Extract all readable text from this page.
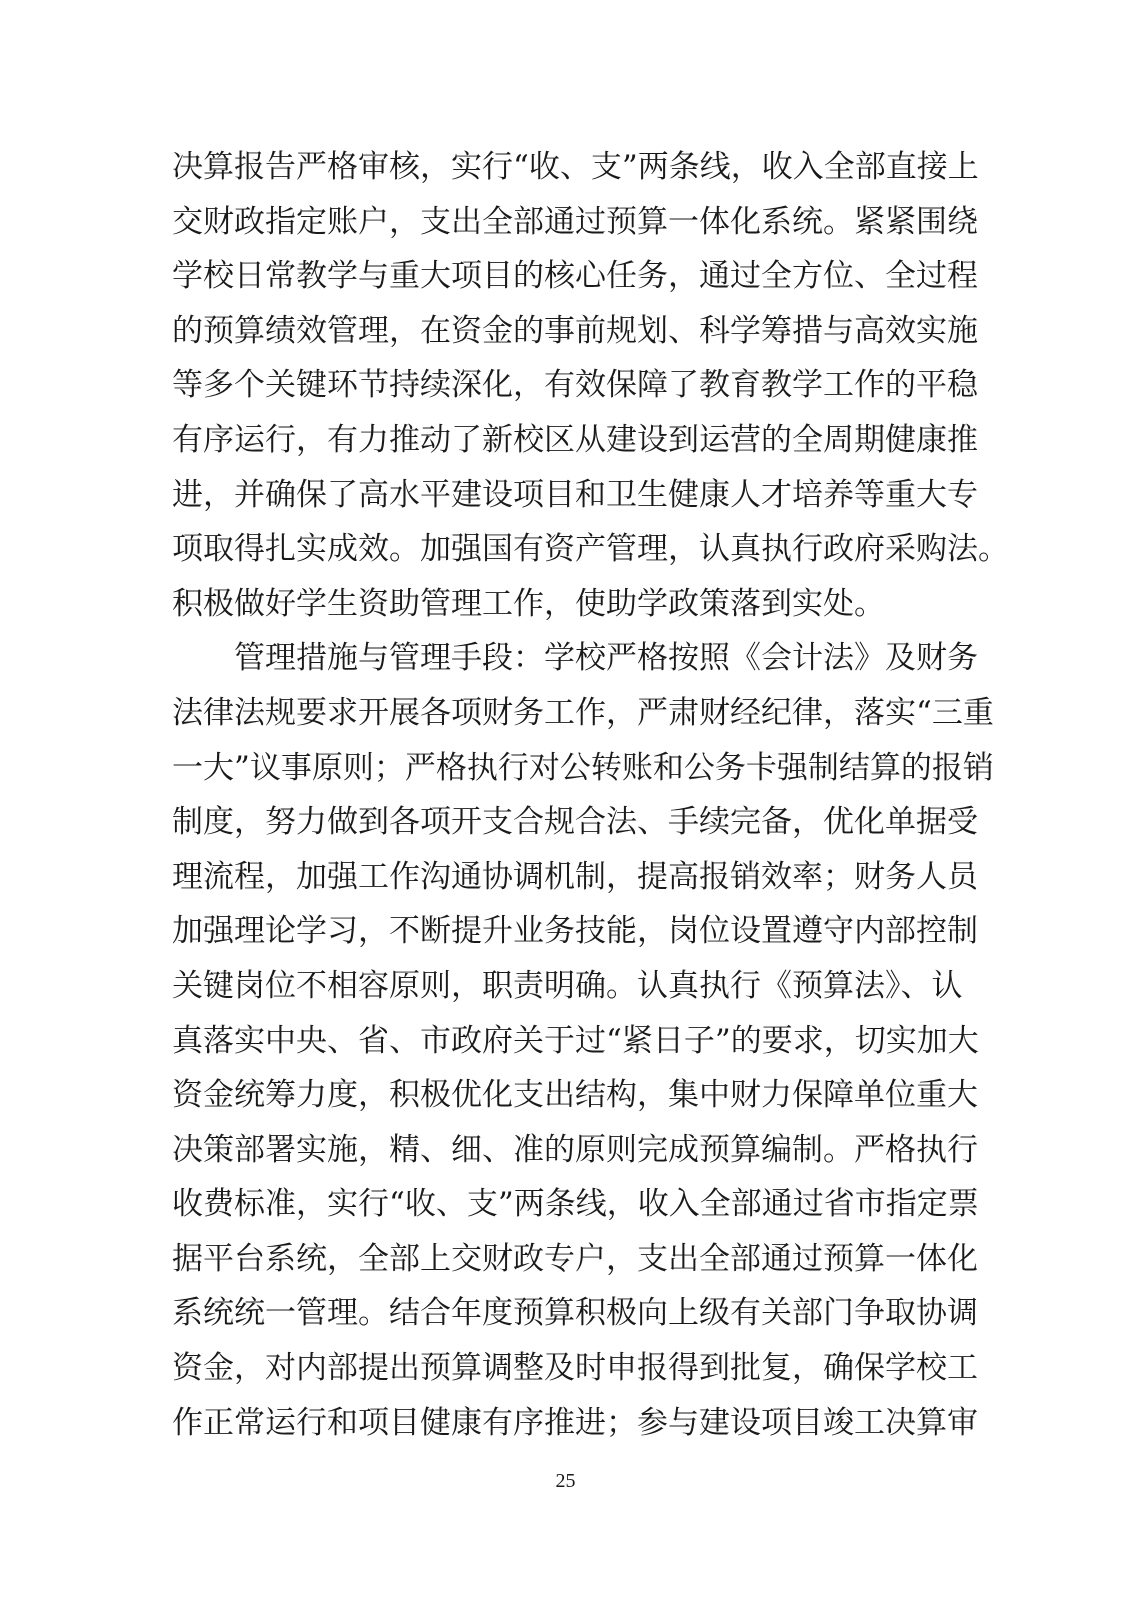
决算报告严格审核，实行“收、支”两条线，收入全部直接上
交财政指定账户，支出全部通过预算一体化系统。紧紧围绕
学校日常教学与重大项目的核心任务，通过全方位、全过程
的预算绩效管理，在资金的事前规划、科学筹措与高效实施
等多个关键环节持续深化，有效保障了教育教学工作的平稳
有序运行，有力推动了新校区从建设到运营的全周期健康推
进，并确保了高水平建设项目和卫生健康人才培养等重大专
项取得扎实成效。加强国有资产管理，认真执行政府采购法。
积极做好学生资助管理工作，使助学政策落到实处。
管理措施与管理手段：学校严格按照《会计法》及财务
法律法规要求开展各项财务工作，严肃财经纪律，落实“三重
一大”议事原则；严格执行对公转账和公务卡强制结算的报销
制度，努力做到各项开支合规合法、手续完备，优化单据受
理流程，加强工作沟通协调机制，提高报销效率；财务人员
加强理论学习，不断提升业务技能，岗位设置遵守内部控制
关键岗位不相容原则，职责明确。认真执行《预算法》、认
真落实中央、省、市政府关于过“紧日子”的要求，切实加大
资金统筹力度，积极优化支出结构，集中财力保障单位重大
决策部署实施，精、细、准的原则完成预算编制。严格执行
收费标准，实行“收、支”两条线，收入全部通过省市指定票
据平台系统，全部上交财政专户，支出全部通过预算一体化
系统统一管理。结合年度预算积极向上级有关部门争取协调
资金，对内部提出预算调整及时申报得到批复，确保学校工
作正常运行和项目健康有序推进；参与建设项目竣工决算审
25
